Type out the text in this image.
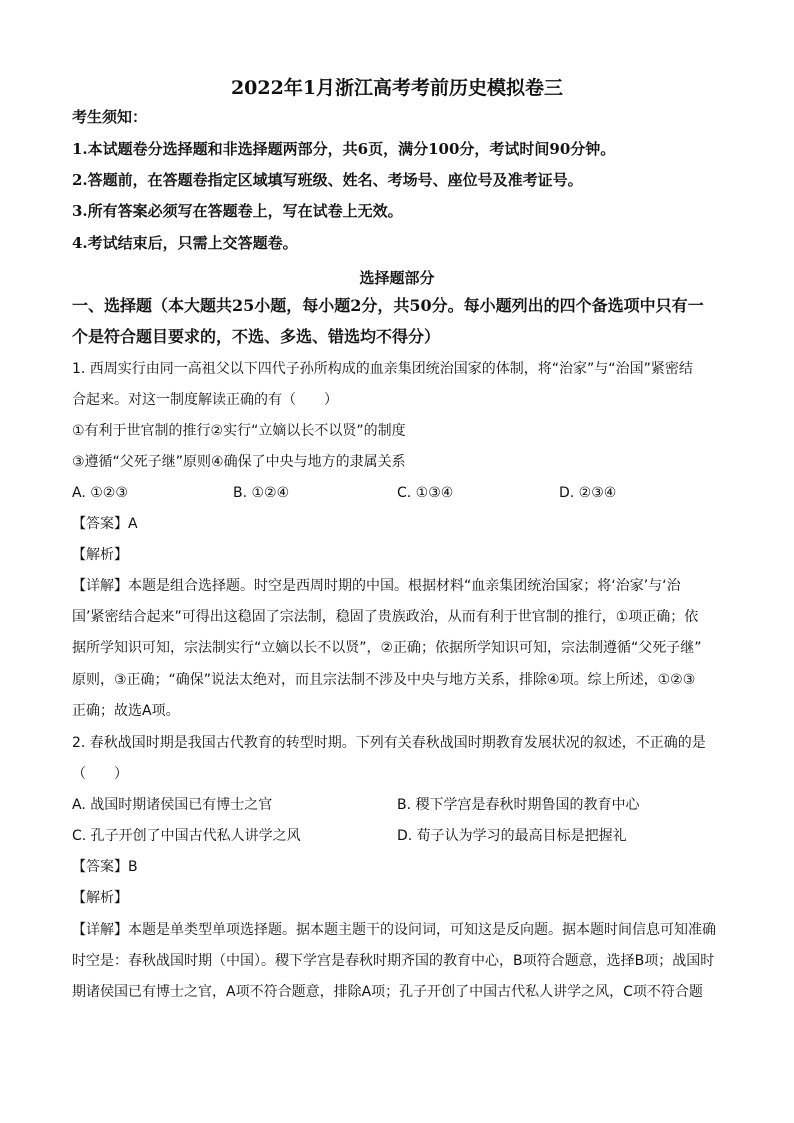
2022年1月浙江高考考前历史模拟卷三
考生须知：
1.本试题卷分选择题和非选择题两部分，共6页，满分100分，考试时间90分钟。
2.答题前，在答题卷指定区域填写班级、姓名、考场号、座位号及准考证号。
3.所有答案必须写在答题卷上，写在试卷上无效。
4.考试结束后，只需上交答题卷。
选择题部分
一、选择题（本大题共25小题，每小题2分，共50分。每小题列出的四个备选项中只有一
个是符合题目要求的，不选、多选、错选均不得分）
1. 西周实行由同一高祖父以下四代子孙所构成的血亲集团统治国家的体制，将“治家”与“治国”紧密结
合起来。对这一制度解读正确的有（　　）
①有利于世官制的推行②实行“立嫡以长不以贤”的制度
③遵循“父死子继”原则④确保了中央与地方的隶属关系
A. ①②③	B. ①②④	C. ①③④	D. ②③④
【答案】A
【解析】
【详解】本题是组合选择题。时空是西周时期的中国。根据材料“血亲集团统治国家；将‘治家’与‘治
国’紧密结合起来”可得出这稳固了宗法制，稳固了贵族政治，从而有利于世官制的推行，①项正确；依
据所学知识可知，宗法制实行“立嫡以长不以贤”，②正确；依据所学知识可知，宗法制遵循“父死子继”
原则，③正确；“确保”说法太绝对，而且宗法制不涉及中央与地方关系，排除④项。综上所述，①②③
正确；故选A项。
2. 春秋战国时期是我国古代教育的转型时期。下列有关春秋战国时期教育发展状况的叙述，不正确的是
（　　）
A. 战国时期诸侯国已有博士之官	B. 稷下学宫是春秋时期鲁国的教育中心
C. 孔子开创了中国古代私人讲学之风	D. 荀子认为学习的最高目标是把握礼
【答案】B
【解析】
【详解】本题是单类型单项选择题。据本题主题干的设问词，可知这是反向题。据本题时间信息可知准确
时空是：春秋战国时期（中国）。稷下学宫是春秋时期齐国的教育中心，B项符合题意，选择B项；战国时
期诸侯国已有博士之官，A项不符合题意，排除A项；孔子开创了中国古代私人讲学之风，C项不符合题
